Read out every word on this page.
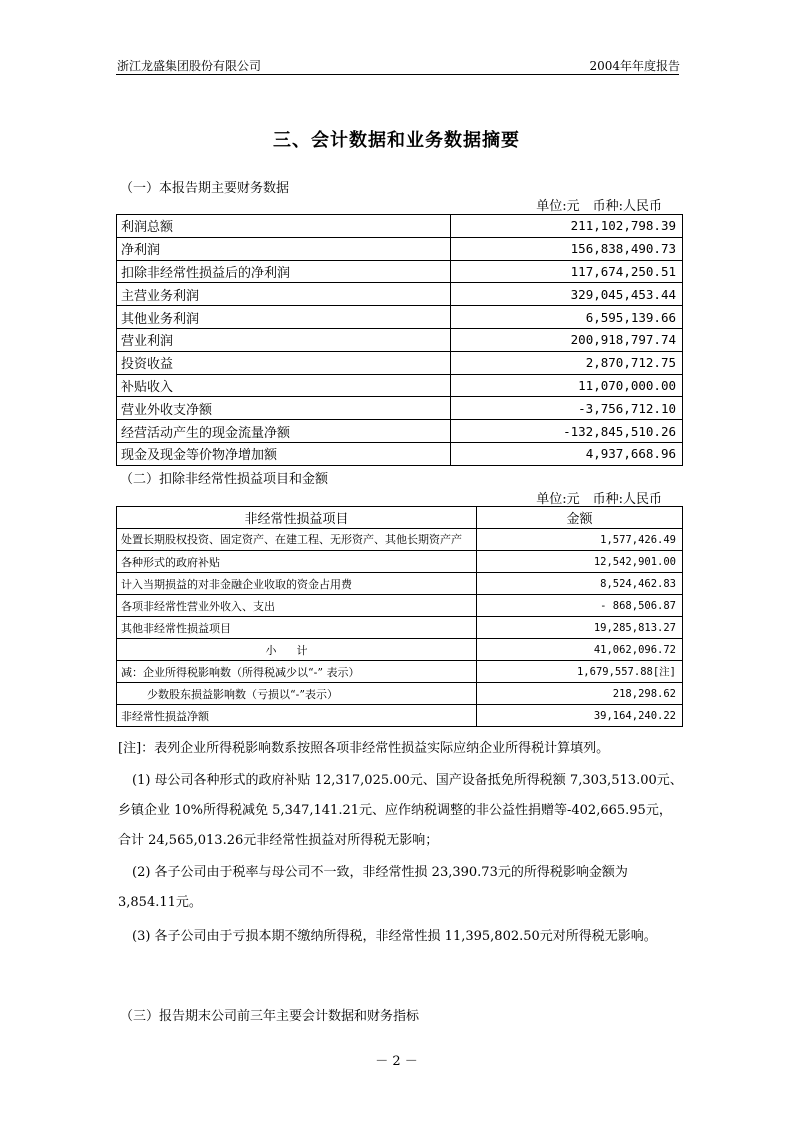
浙江龙盛集团股份有限公司	2004年年度报告
三、会计数据和业务数据摘要
（一）本报告期主要财务数据
单位:元　币种:人民币
利润总额	211,102,798.39
净利润	156,838,490.73
扣除非经常性损益后的净利润	117,674,250.51
主营业务利润	329,045,453.44
其他业务利润	6,595,139.66
营业利润	200,918,797.74
投资收益	2,870,712.75
补贴收入	11,070,000.00
营业外收支净额	-3,756,712.10
经营活动产生的现金流量净额	-132,845,510.26
现金及现金等价物净增加额	4,937,668.96
（二）扣除非经常性损益项目和金额
单位:元　币种:人民币
非经常性损益项目	金额

处置长期股权投资、固定资产、在建工程、无形资产、其他长期资产产	1,577,426.49
各种形式的政府补贴	12,542,901.00
计入当期损益的对非金融企业收取的资金占用费	8,524,462.83
各项非经常性营业外收入、支出	- 868,506.87
其他非经常性损益项目	19,285,813.27
小计	41,062,096.72
减：企业所得税影响数（所得税减少以“-” 表示）	1,679,557.88[注]
少数股东损益影响数（亏损以“-”表示）	218,298.62
非经常性损益净额	39,164,240.22
[注]：表列企业所得税影响数系按照各项非经常性损益实际应纳企业所得税计算填列。
(1) 母公司各种形式的政府补贴 12,317,025.00元、国产设备抵免所得税额 7,303,513.00元、乡镇企业 10%所得税减免 5,347,141.21元、应作纳税调整的非公益性捐赠等-402,665.95元，合计 24,565,013.26元非经常性损益对所得税无影响；
(2) 各子公司由于税率与母公司不一致，非经常性损 23,390.73元的所得税影响金额为 3,854.11元。
(3) 各子公司由于亏损本期不缴纳所得税，非经常性损 11,395,802.50元对所得税无影响。
（三）报告期末公司前三年主要会计数据和财务指标
－ 2 －
